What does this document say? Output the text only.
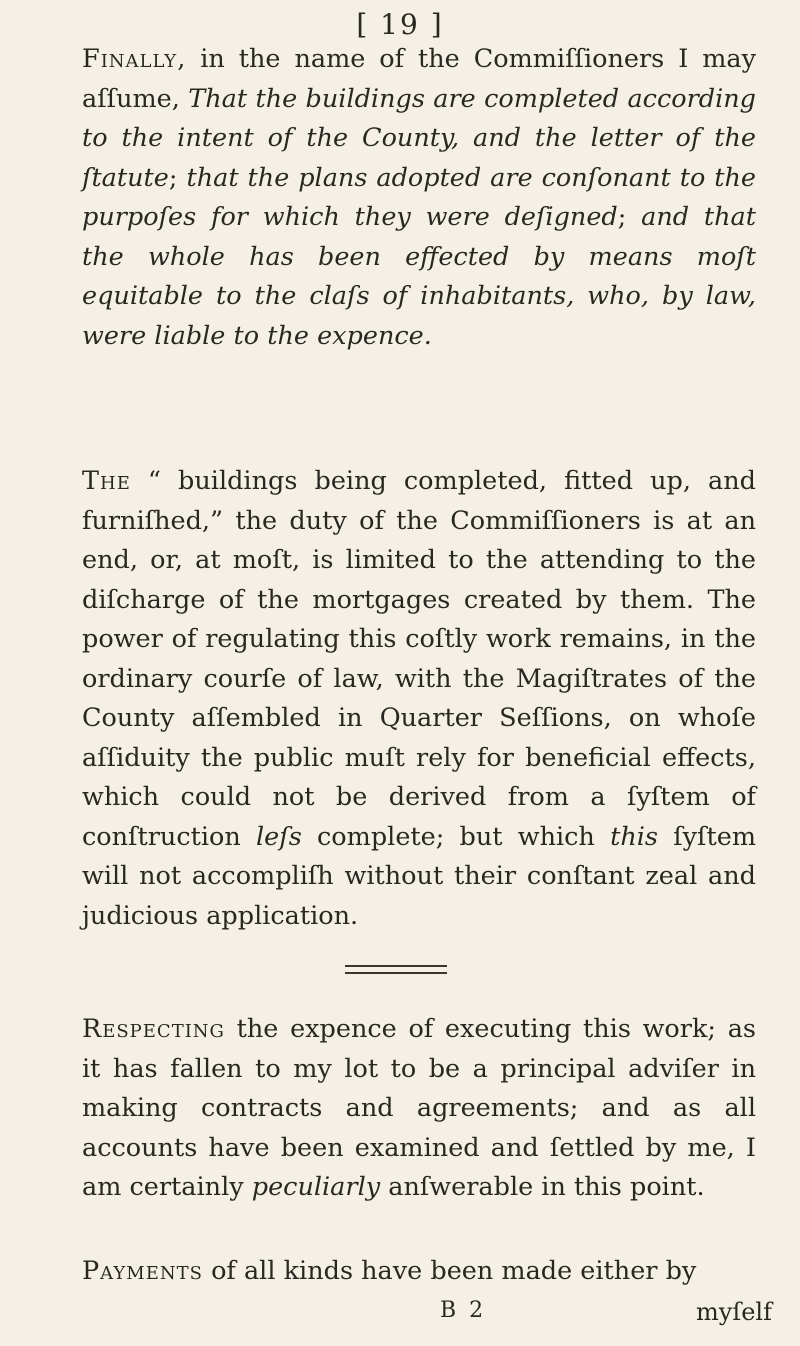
[ 19 ]
Finally, in the name of the Commiſſioners I may aſſume, That the buildings are completed according to the intent of the County, and the letter of the ſtatute; that the plans adopted are conſonant to the purpoſes for which they were deſigned; and that the whole has been effected by means moſt equitable to the claſs of inhabitants, who, by law, were liable to the expence.
The “ buildings being completed, fitted up, and furniſhed,” the duty of the Commiſſioners is at an end, or, at moſt, is limited to the attending to the diſcharge of the mortgages created by them. The power of regulating this coſtly work remains, in the ordinary courſe of law, with the Magiſtrates of the County aſſembled in Quarter Seſſions, on whoſe aſſiduity the public muſt rely for beneficial effects, which could not be derived from a ſyſtem of conſtruction leſs complete; but which this ſyſtem will not accompliſh without their conſtant zeal and judicious application.
Respecting the expence of executing this work; as it has fallen to my lot to be a principal adviſer in making contracts and agreements; and as all accounts have been examined and ſettled by me, I am certainly peculiarly anſwerable in this point.
Payments of all kinds have been made either by
B 2	myſelf
